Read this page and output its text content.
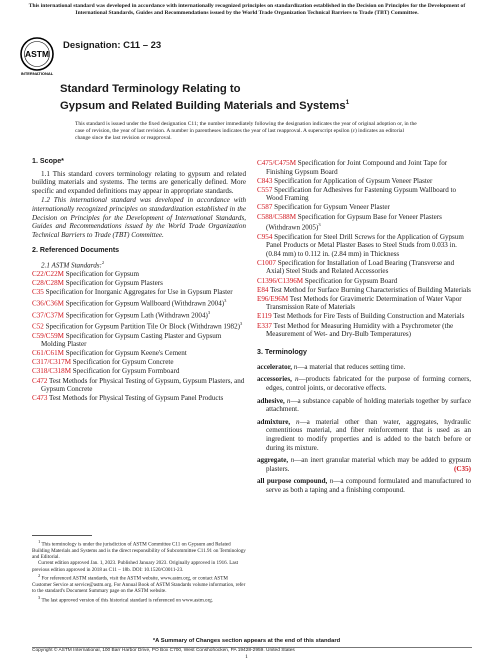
This international standard was developed in accordance with internationally recognized principles on standardization established in the Decision on Principles for the Development of International Standards, Guides and Recommendations issued by the World Trade Organization Technical Barriers to Trade (TBT) Committee.
ASTM
INTERNATIONAL
Designation: C11 – 23
Standard Terminology Relating to
Gypsum and Related Building Materials and Systems$^1$
This standard is issued under the fixed designation C11; the number immediately following the designation indicates the year of original adoption or, in the case of revision, the year of last revision. A number in parentheses indicates the year of last reapproval. A superscript epsilon (ε) indicates an editorial change since the last revision or reapproval.
1. Scope*

1.1 This standard covers terminology relating to gypsum and related building materials and systems. The terms are generically defined. More specific and expanded definitions may appear in appropriate standards.

1.2 This international standard was developed in accordance with internationally recognized principles on standardization established in the Decision on Principles for the Development of International Standards, Guides and Recommendations issued by the World Trade Organization Technical Barriers to Trade (TBT) Committee.

2. Referenced Documents
2.1 ASTM Standards:$^2$
C22/C22M Specification for Gypsum
C28/C28M Specification for Gypsum Plasters
C35 Specification for Inorganic Aggregates for Use in Gypsum Plaster
C36/C36M Specification for Gypsum Wallboard (Withdrawn 2004)$^3$
C37/C37M Specification for Gypsum Lath (Withdrawn 2004)$^3$
C52 Specification for Gypsum Partition Tile Or Block (Withdrawn 1982)$^3$
C59/C59M Specification for Gypsum Casting Plaster and Gypsum Molding Plaster
C61/C61M Specification for Gypsum Keene's Cement
C317/C317M Specification for Gypsum Concrete
C318/C318M Specification for Gypsum Formboard
C472 Test Methods for Physical Testing of Gypsum, Gypsum Plasters, and Gypsum Concrete
C473 Test Methods for Physical Testing of Gypsum Panel Products
$^1$ This terminology is under the jurisdiction of ASTM Committee C11 on Gypsum and Related Building Materials and Systems and is the direct responsibility of Subcommittee C11.91 on Terminology and Editorial.
Current edition approved Jan. 1, 2023. Published January 2023. Originally approved in 1916. Last previous edition approved in 2018 as C11 – 18b. DOI: 10.1520/C0011-23.
$^2$ For referenced ASTM standards, visit the ASTM website, www.astm.org, or contact ASTM Customer Service at service@astm.org. For Annual Book of ASTM Standards volume information, refer to the standard's Document Summary page on the ASTM website.
$^3$ The last approved version of this historical standard is referenced on www.astm.org.
C475/C475M Specification for Joint Compound and Joint Tape for Finishing Gypsum Board
C843 Specification for Application of Gypsum Veneer Plaster
C557 Specification for Adhesives for Fastening Gypsum Wallboard to Wood Framing
C587 Specification for Gypsum Veneer Plaster
C588/C588M Specification for Gypsum Base for Veneer Plasters (Withdrawn 2005)$^3$
C954 Specification for Steel Drill Screws for the Application of Gypsum Panel Products or Metal Plaster Bases to Steel Studs from 0.033 in. (0.84 mm) to 0.112 in. (2.84 mm) in Thickness
C1007 Specification for Installation of Load Bearing (Transverse and Axial) Steel Studs and Related Accessories
C1396/C1396M Specification for Gypsum Board
E84 Test Method for Surface Burning Characteristics of Building Materials
E96/E96M Test Methods for Gravimetric Determination of Water Vapor Transmission Rate of Materials
E119 Test Methods for Fire Tests of Building Construction and Materials
E337 Test Method for Measuring Humidity with a Psychrometer (the Measurement of Wet- and Dry-Bulb Temperatures)
3. Terminology
accelerator, n—a material that reduces setting time.
accessories, n—products fabricated for the purpose of forming corners, edges, control joints, or decorative effects.
adhesive, n—a substance capable of holding materials together by surface attachment.
admixture, n—a material other than water, aggregates, hydraulic cementitious material, and fiber reinforcement that is used as an ingredient to modify properties and is added to the batch before or during its mixture.
aggregate, n—an inert granular material which may be added to gypsum plasters.	(C35)
all purpose compound, n—a compound formulated and manufactured to serve as both a taping and a finishing compound.
*A Summary of Changes section appears at the end of this standard
Copyright © ASTM International, 100 Barr Harbor Drive, PO Box C700, West Conshohocken, PA 19428-2959. United States
1
